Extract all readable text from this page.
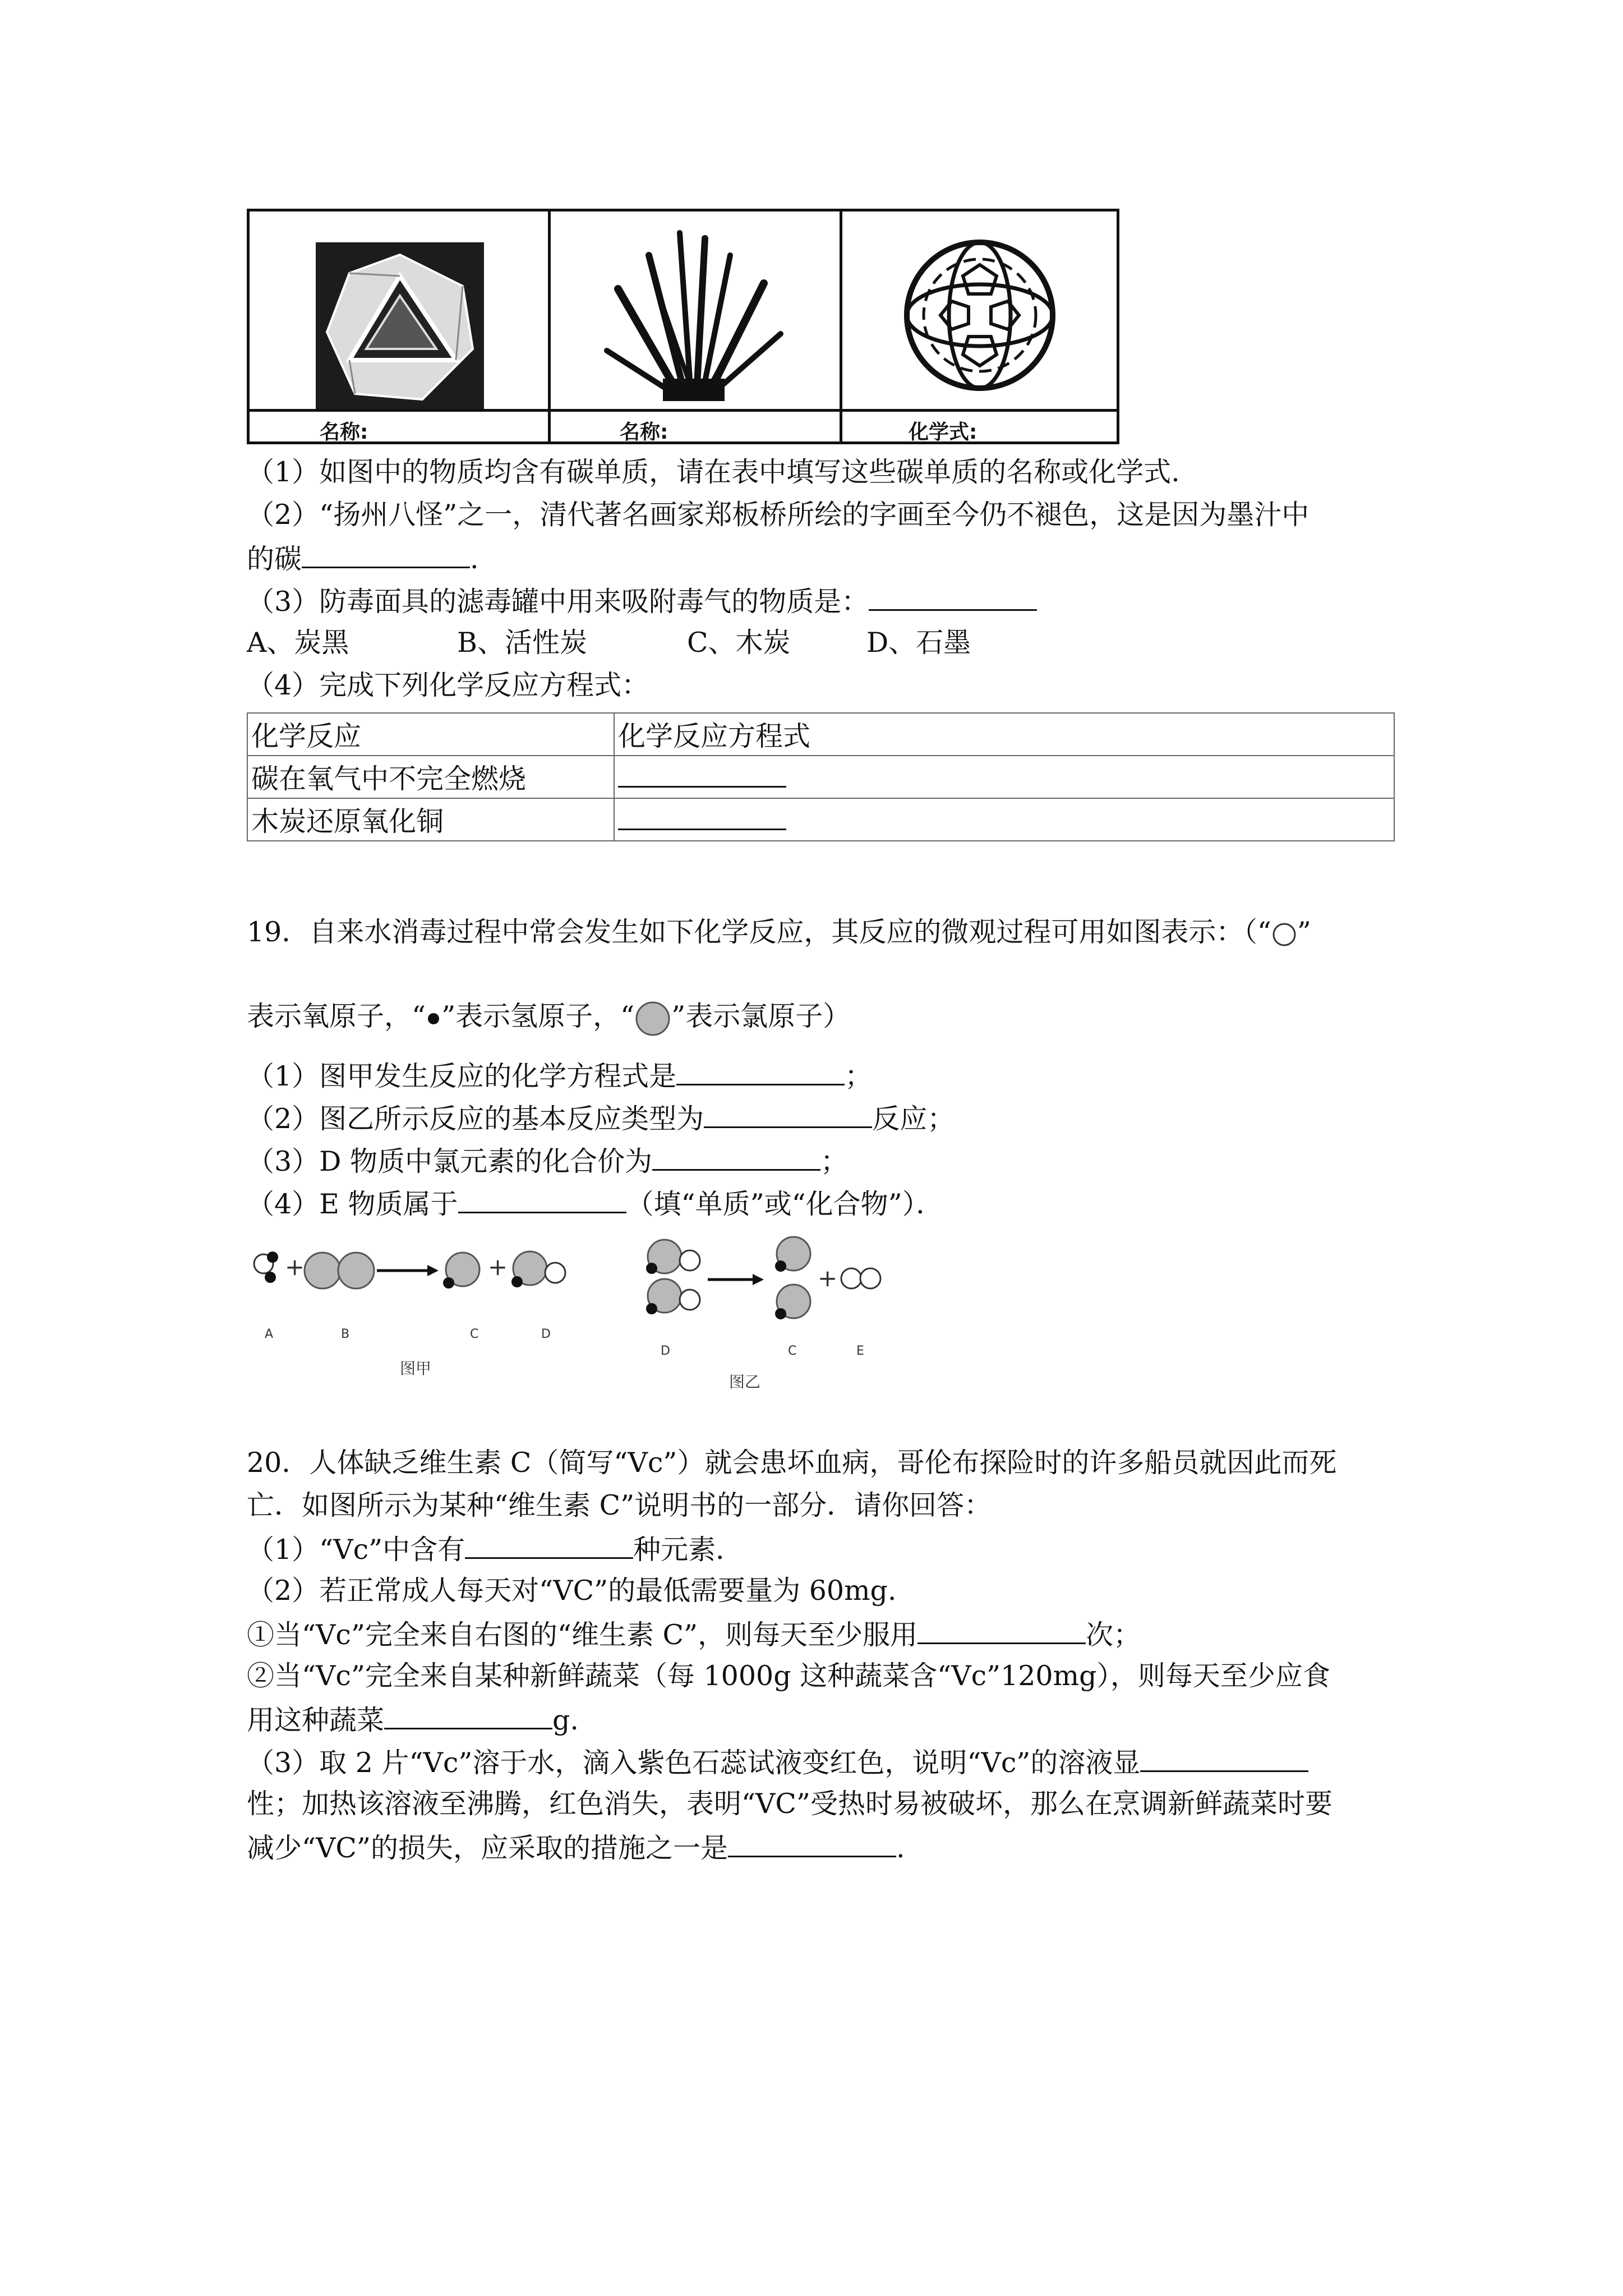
名称:	名称:	化学式:
（1）如图中的物质均含有碳单质，请在表中填写这些碳单质的名称或化学式.
（2）“扬州八怪”之一，清代著名画家郑板桥所绘的字画至今仍不褪色，这是因为墨汁中
的碳	.
（3）防毒面具的滤毒罐中用来吸附毒气的物质是：
A、炭黑	B、活性炭	C、木炭	D、石墨
（4）完成下列化学反应方程式：
化学反应	化学反应方程式
碳在氧气中不完全燃烧	
木炭还原氧化铜	
19．自来水消毒过程中常会发生如下化学反应，其反应的微观过程可用如图表示：（“ ”
表示氧原子，“ ”表示氢原子，“ ”表示氯原子）
（1）图甲发生反应的化学方程式是	；
（2）图乙所示反应的基本反应类型为	反应；
（3）D 物质中氯元素的化合价为	；
（4）E 物质属于	（填“单质”或“化合物”）．
+	+
A	B	C	D
图甲
+
D	C	E
图乙
20．人体缺乏维生素 C（简写“Vc”）就会患坏血病，哥伦布探险时的许多船员就因此而死
亡．如图所示为某种“维生素 C”说明书的一部分．请你回答：
（1）“Vc”中含有	种元素．
（2）若正常成人每天对“VC”的最低需要量为 60mg.
①当“Vc”完全来自右图的“维生素 C”，则每天至少服用	次；
②当“Vc”完全来自某种新鲜蔬菜（每 1000g 这种蔬菜含“Vc”120mg），则每天至少应食
用这种蔬菜	g.
（3）取 2 片“Vc”溶于水，滴入紫色石蕊试液变红色，说明“Vc”的溶液显
性；加热该溶液至沸腾，红色消失，表明“VC”受热时易被破坏，那么在烹调新鲜蔬菜时要
减少“VC”的损失，应采取的措施之一是	.
